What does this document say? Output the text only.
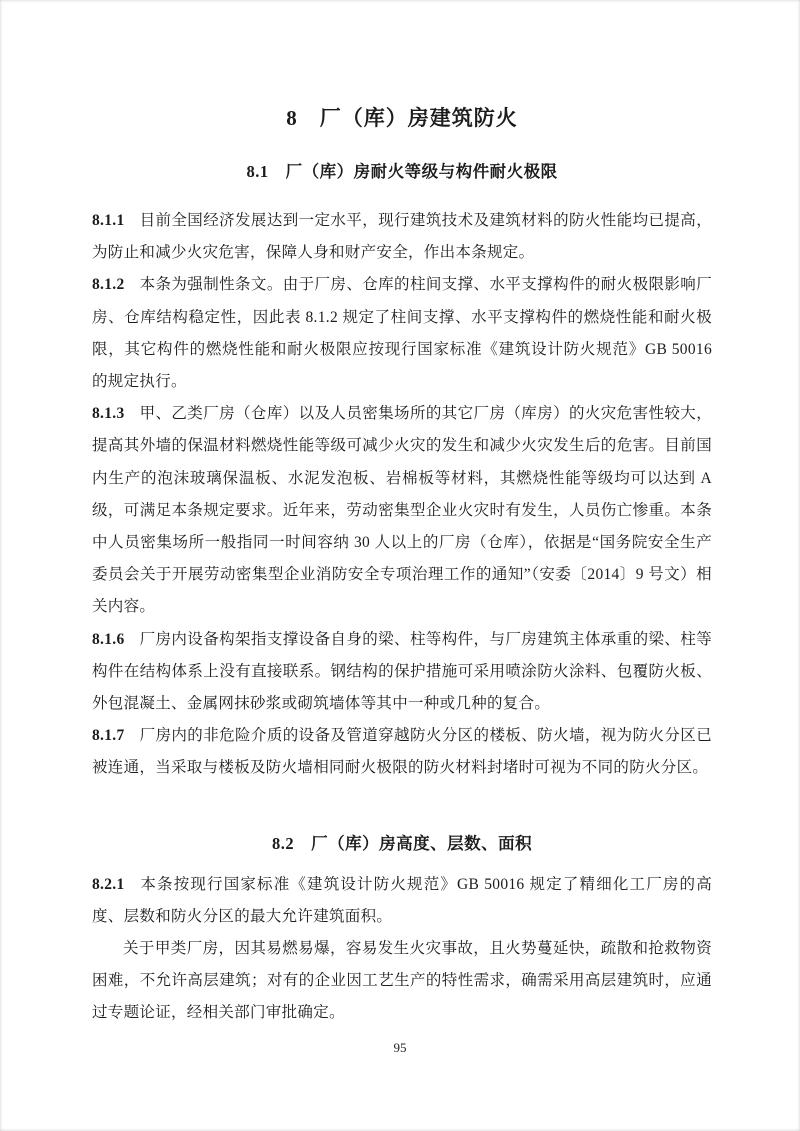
8　厂（库）房建筑防火
8.1　厂（库）房耐火等级与构件耐火极限

8.1.1 目前全国经济发展达到一定水平，现行建筑技术及建筑材料的防火性能均已提高，为防止和减少火灾危害，保障人身和财产安全，作出本条规定。

8.1.2 本条为强制性条文。由于厂房、仓库的柱间支撑、水平支撑构件的耐火极限影响厂房、仓库结构稳定性，因此表 8.1.2 规定了柱间支撑、水平支撑构件的燃烧性能和耐火极限，其它构件的燃烧性能和耐火极限应按现行国家标准《建筑设计防火规范》GB 50016 的规定执行。

8.1.3 甲、乙类厂房（仓库）以及人员密集场所的其它厂房（库房）的火灾危害性较大，提高其外墙的保温材料燃烧性能等级可减少火灾的发生和减少火灾发生后的危害。目前国内生产的泡沫玻璃保温板、水泥发泡板、岩棉板等材料，其燃烧性能等级均可以达到 A 级，可满足本条规定要求。近年来，劳动密集型企业火灾时有发生，人员伤亡惨重。本条中人员密集场所一般指同一时间容纳 30 人以上的厂房（仓库），依据是“国务院安全生产委员会关于开展劳动密集型企业消防安全专项治理工作的通知”（安委〔2014〕9 号文）相关内容。

8.1.6 厂房内设备构架指支撑设备自身的梁、柱等构件，与厂房建筑主体承重的梁、柱等构件在结构体系上没有直接联系。钢结构的保护措施可采用喷涂防火涂料、包覆防火板、外包混凝土、金属网抹砂浆或砌筑墙体等其中一种或几种的复合。

8.1.7 厂房内的非危险介质的设备及管道穿越防火分区的楼板、防火墙，视为防火分区已被连通，当采取与楼板及防火墙相同耐火极限的防火材料封堵时可视为不同的防火分区。

8.2　厂（库）房高度、层数、面积

8.2.1 本条按现行国家标准《建筑设计防火规范》GB 50016 规定了精细化工厂房的高度、层数和防火分区的最大允许建筑面积。

关于甲类厂房，因其易燃易爆，容易发生火灾事故，且火势蔓延快，疏散和抢救物资困难，不允许高层建筑；对有的企业因工艺生产的特性需求，确需采用高层建筑时，应通过专题论证，经相关部门审批确定。

95
